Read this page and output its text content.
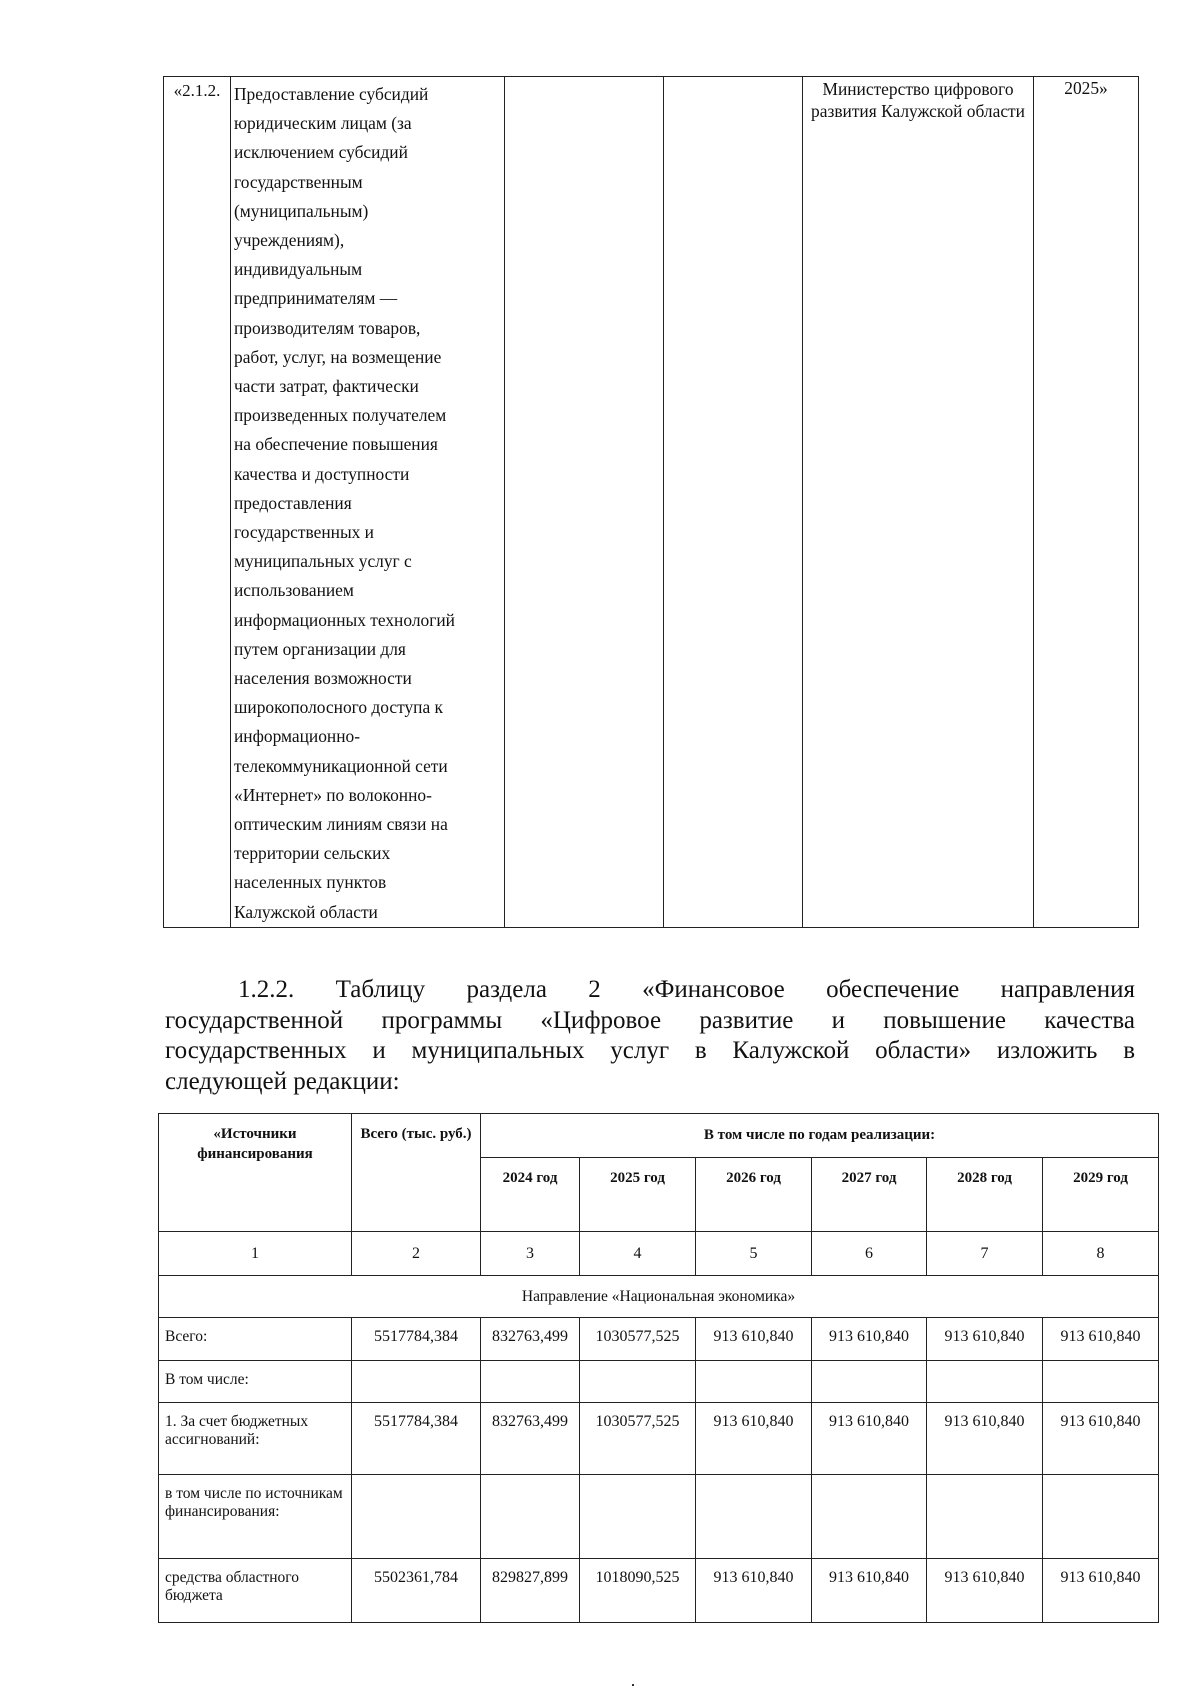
«2.1.2.	Предоставление субсидий
юридическим лицам (за
исключением субсидий
государственным
(муниципальным)
учреждениям),
индивидуальным
предпринимателям —
производителям товаров,
работ, услуг, на возмещение
части затрат, фактически
произведенных получателем
на обеспечение повышения
качества и доступности
предоставления
государственных и
муниципальных услуг с
использованием
информационных технологий
путем организации для
населения возможности
широкополосного доступа к
информационно-
телекоммуникационной сети
«Интернет» по волоконно-
оптическим линиям связи на
территории сельских
населенных пунктов
Калужской области
			Министерство цифрового развития Калужской области	2025»
1.2.2. Таблицу раздела 2 «Финансовое обеспечение направления
государственной программы «Цифровое развитие и повышение качества
государственных и муниципальных услуг в Калужской области» изложить в
следующей редакции:
«Источники финансирования	Всего (тыс. руб.)	В том числе по годам реализации:					
		2024 год	2025 год	2026 год	2027 год	2028 год	2029 год
1	2	3	4	5	6	7	8
Направление «Национальная экономика»							
Всего:	5517784,384	832763,499	1030577,525	913 610,840	913 610,840	913 610,840	913 610,840
В том числе:							
1. За счет бюджетных ассигнований:	5517784,384	832763,499	1030577,525	913 610,840	913 610,840	913 610,840	913 610,840
в том числе по источникам финансирования:							
средства областного бюджета	5502361,784	829827,899	1018090,525	913 610,840	913 610,840	913 610,840	913 610,840
